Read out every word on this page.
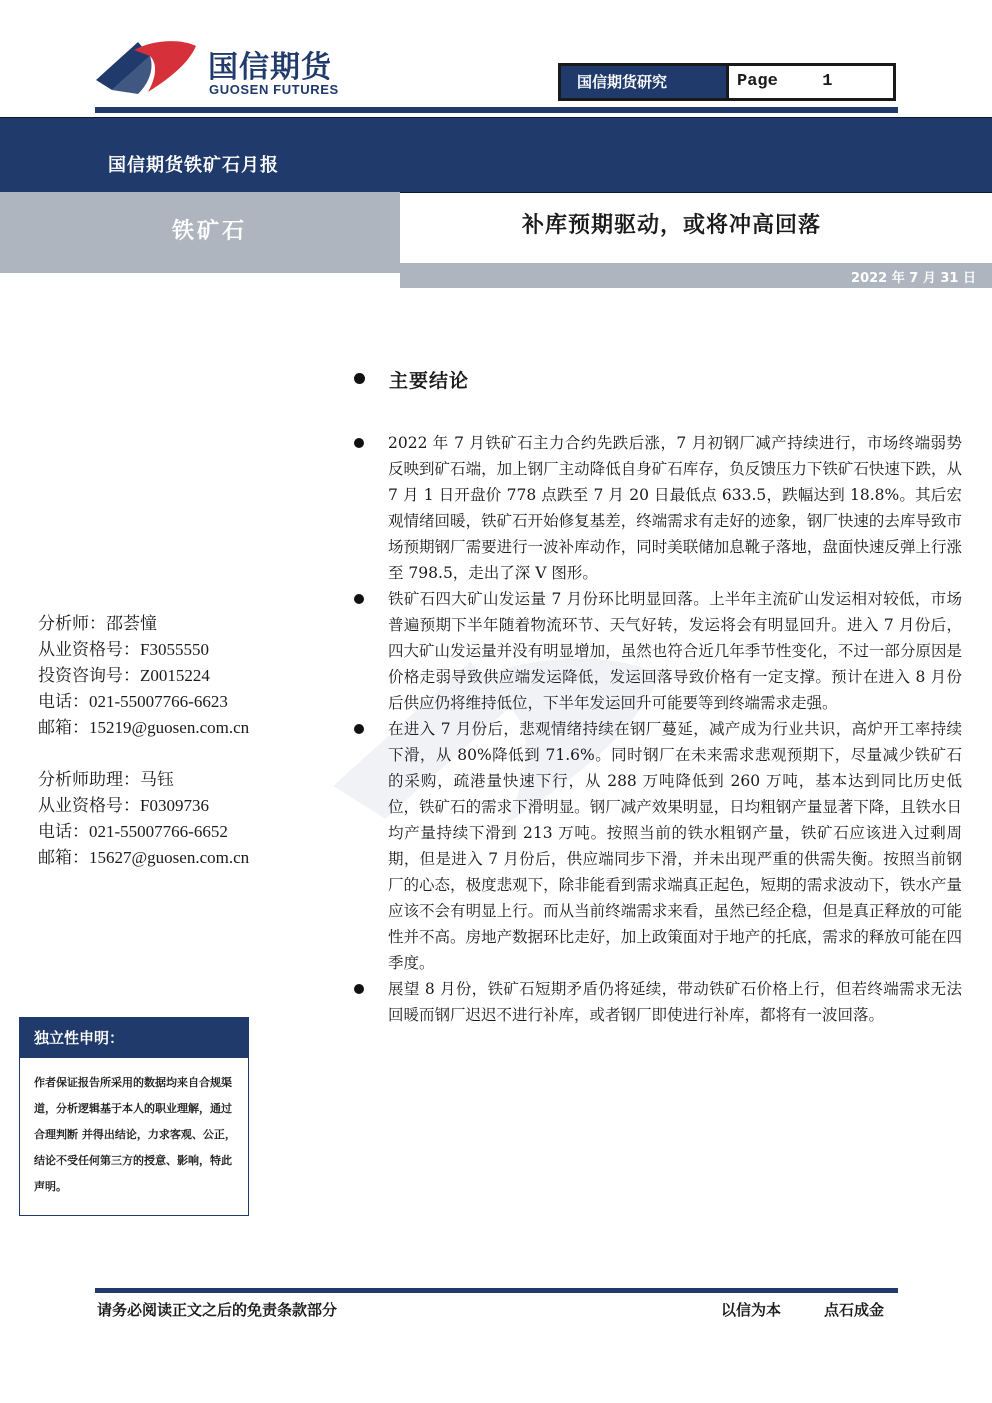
国信期货
GUOSEN FUTURES	国信期货研究	Page	1
国信期货铁矿石月报
铁矿石	补库预期驱动，或将冲高回落
2022 年 7 月 31 日
主要结论
2022 年 7 月铁矿石主力合约先跌后涨，7 月初钢厂减产持续进行，市场终端弱势反映到矿石端，加上钢厂主动降低自身矿石库存，负反馈压力下铁矿石快速下跌，从 7 月 1 日开盘价 778 点跌至 7 月 20 日最低点 633.5，跌幅达到 18.8%。其后宏观情绪回暖，铁矿石开始修复基差，终端需求有走好的迹象，钢厂快速的去库导致市场预期钢厂需要进行一波补库动作，同时美联储加息靴子落地，盘面快速反弹上行涨至 798.5，走出了深 V 图形。
铁矿石四大矿山发运量 7 月份环比明显回落。上半年主流矿山发运相对较低，市场普遍预期下半年随着物流环节、天气好转，发运将会有明显回升。进入 7 月份后，四大矿山发运量并没有明显增加，虽然也符合近几年季节性变化，不过一部分原因是价格走弱导致供应端发运降低，发运回落导致价格有一定支撑。预计在进入 8 月份后供应仍将维持低位，下半年发运回升可能要等到终端需求走强。
在进入 7 月份后，悲观情绪持续在钢厂蔓延，减产成为行业共识，高炉开工率持续下滑，从 80%降低到 71.6%。同时钢厂在未来需求悲观预期下，尽量减少铁矿石的采购，疏港量快速下行，从 288 万吨降低到 260 万吨，基本达到同比历史低位，铁矿石的需求下滑明显。钢厂减产效果明显，日均粗钢产量显著下降，且铁水日均产量持续下滑到 213 万吨。按照当前的铁水粗钢产量，铁矿石应该进入过剩周期，但是进入 7 月份后，供应端同步下滑，并未出现严重的供需失衡。按照当前钢厂的心态，极度悲观下，除非能看到需求端真正起色，短期的需求波动下，铁水产量应该不会有明显上行。而从当前终端需求来看，虽然已经企稳，但是真正释放的可能性并不高。房地产数据环比走好，加上政策面对于地产的托底，需求的释放可能在四季度。
展望 8 月份，铁矿石短期矛盾仍将延续，带动铁矿石价格上行，但若终端需求无法回暖而钢厂迟迟不进行补库，或者钢厂即使进行补库，都将有一波回落。
分析师：邵荟憧
从业资格号：F3055550
投资咨询号：Z0015224
电话：021-55007766-6623
邮箱：15219@guosen.com.cn
分析师助理：马钰
从业资格号：F0309736
电话：021-55007766-6652
邮箱：15627@guosen.com.cn
独立性申明：
作者保证报告所采用的数据均来自合规渠道，分析逻辑基于本人的职业理解，通过合理判断 并得出结论，力求客观、公正，结论不受任何第三方的授意、影响，特此声明。
请务必阅读正文之后的免责条款部分	以信为本	点石成金
